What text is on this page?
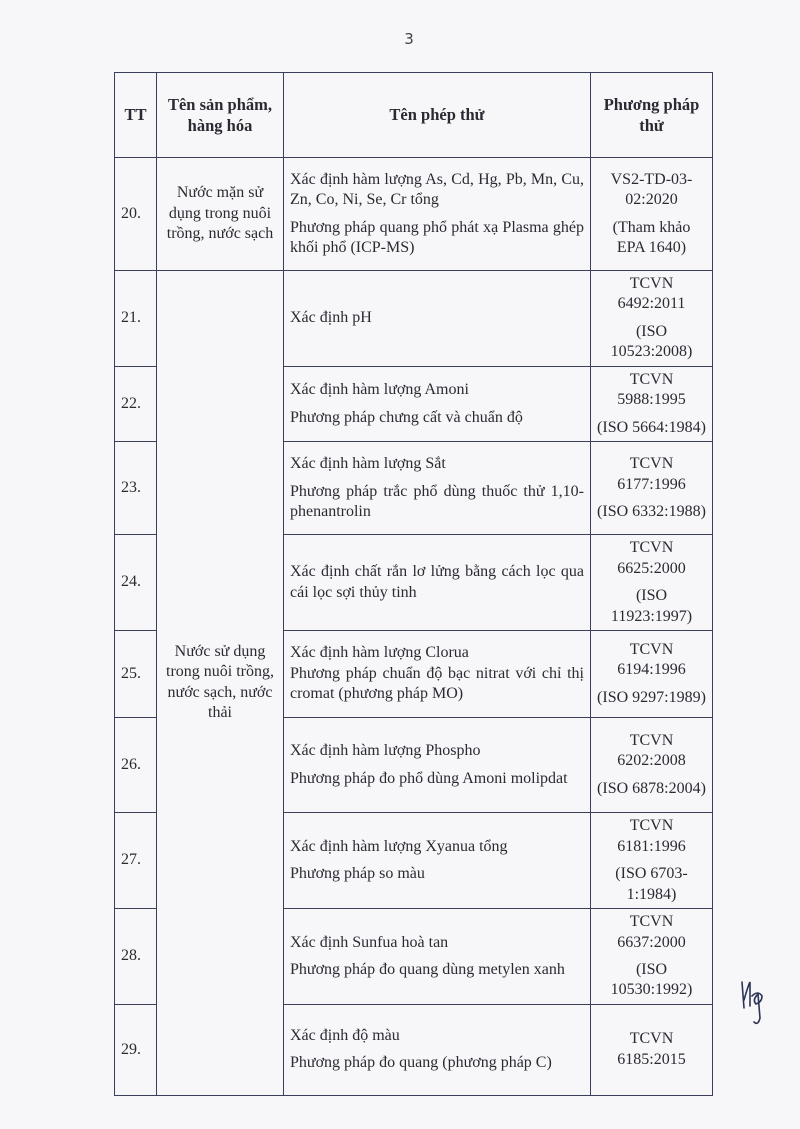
3
TT	Tên sản phẩm, hàng hóa	Tên phép thử	Phương pháp thử
20.	Nước mặn sử dụng trong nuôi trồng, nước sạch	Xác định hàm lượng As, Cd, Hg, Pb, Mn, Cu, Zn, Co, Ni, Se, Cr tổng
Phương pháp quang phổ phát xạ Plasma ghép khối phổ (ICP-MS)	VS2-TD-03-02:2020
(Tham khảo EPA 1640)

21.	Nước sử dụng trong nuôi trồng, nước sạch, nước thải	Xác định pH	TCVN 6492:2011
(ISO 10523:2008)

22.		Xác định hàm lượng Amoni
Phương pháp chưng cất và chuẩn độ	TCVN 5988:1995
(ISO 5664:1984)

23.		Xác định hàm lượng Sắt
Phương pháp trắc phổ dùng thuốc thử 1,10-phenantrolin	TCVN 6177:1996
(ISO 6332:1988)

24.		Xác định chất rắn lơ lửng bằng cách lọc qua cái lọc sợi thủy tinh	TCVN 6625:2000
(ISO 11923:1997)

25.		Xác định hàm lượng Clorua
Phương pháp chuẩn độ bạc nitrat với chỉ thị cromat (phương pháp MO)	TCVN 6194:1996
(ISO 9297:1989)

26.		Xác định hàm lượng Phospho
Phương pháp đo phổ dùng Amoni molipdat	TCVN 6202:2008
(ISO 6878:2004)

27.		Xác định hàm lượng Xyanua tổng
Phương pháp so màu	TCVN 6181:1996
(ISO 6703-1:1984)

28.		Xác định Sunfua hoà tan
Phương pháp đo quang dùng metylen xanh	TCVN 6637:2000
(ISO 10530:1992)

29.		Xác định độ màu
Phương pháp đo quang (phương pháp C)	TCVN 6185:2015
